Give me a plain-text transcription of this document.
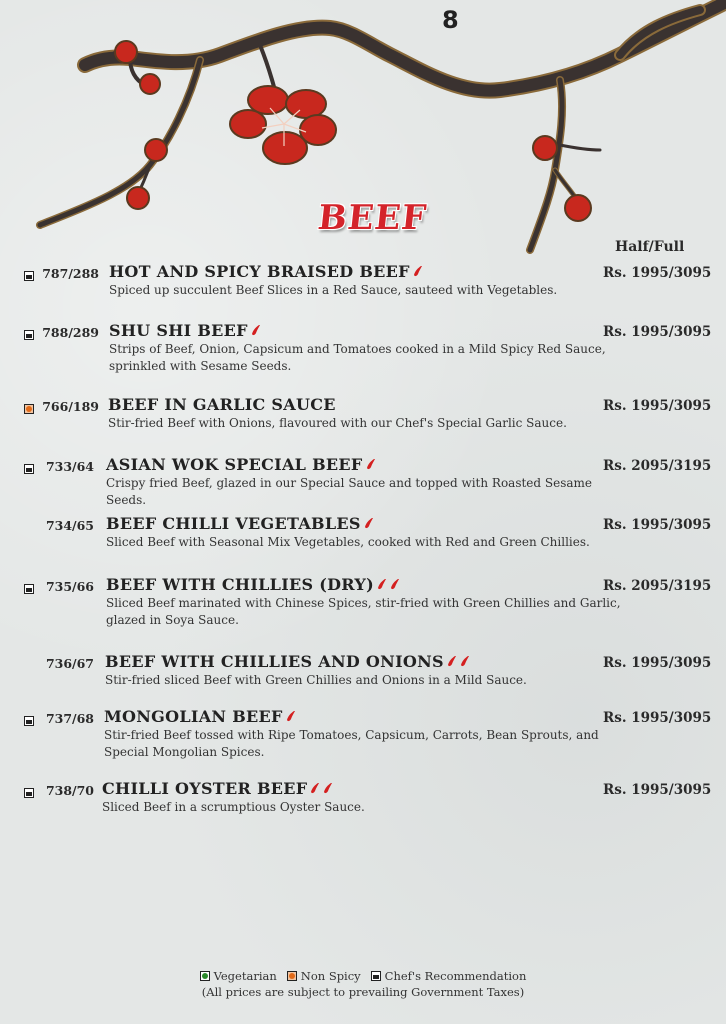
8
BEEF
Half/Full
787/288 HOT AND SPICY BRAISED BEEF	Rs. 1995/3095
Spiced up succulent Beef Slices in a Red Sauce, sauteed with Vegetables.
788/289 SHU SHI BEEF	Rs. 1995/3095
Strips of Beef, Onion, Capsicum and Tomatoes cooked in a Mild Spicy Red Sauce, sprinkled with Sesame Seeds.
766/189 BEEF IN GARLIC SAUCE	Rs. 1995/3095
Stir-fried Beef with Onions, flavoured with our Chef's Special Garlic Sauce.
733/64 ASIAN WOK SPECIAL BEEF	Rs. 2095/3195
Crispy fried Beef, glazed in our Special Sauce and topped with Roasted Sesame Seeds.
734/65 BEEF CHILLI VEGETABLES	Rs. 1995/3095
Sliced Beef with Seasonal Mix Vegetables, cooked with Red and Green Chillies.
735/66 BEEF WITH CHILLIES (DRY)	Rs. 2095/3195
Sliced Beef marinated with Chinese Spices, stir-fried with Green Chillies and Garlic, glazed in Soya Sauce.
736/67 BEEF WITH CHILLIES AND ONIONS	Rs. 1995/3095
Stir-fried sliced Beef with Green Chillies and Onions in a Mild Sauce.
737/68 MONGOLIAN BEEF	Rs. 1995/3095
Stir-fried Beef tossed with Ripe Tomatoes, Capsicum, Carrots, Bean Sprouts, and Special Mongolian Spices.
738/70 CHILLI OYSTER BEEF	Rs. 1995/3095
Sliced Beef in a scrumptious Oyster Sauce.
Vegetarian Non Spicy Chef's Recommendation
(All prices are subject to prevailing Government Taxes)
